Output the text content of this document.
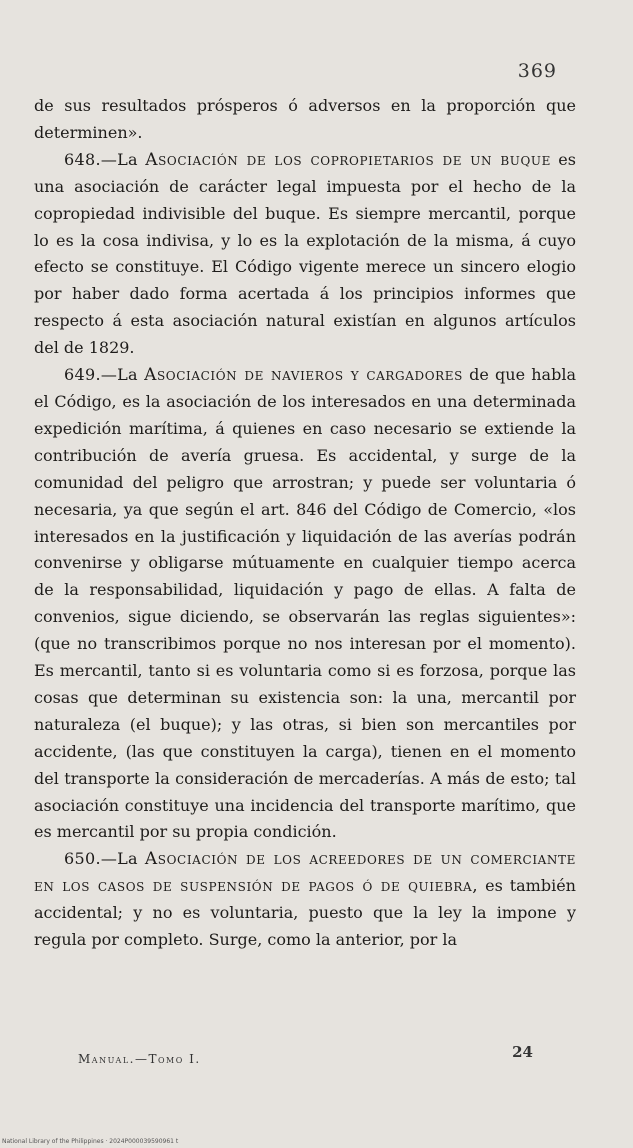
369

de sus resultados prósperos ó adversos en la proporción que determinen».

648.—La Asociación de los copropietarios de un buque es una asociación de carácter legal impuesta por el hecho de la copropiedad indivisible del buque. Es siempre mercantil, porque lo es la cosa indivisa, y lo es la explotación de la misma, á cuyo efecto se constituye. El Código vigente merece un sincero elogio por haber dado forma acertada á los principios informes que respecto á esta asociación natural existían en algunos artículos del de 1829.

649.—La Asociación de navieros y cargadores de que habla el Código, es la asociación de los interesados en una determinada expedición marítima, á quienes en caso necesario se extiende la contribución de avería gruesa. Es accidental, y surge de la comunidad del peligro que arrostran; y puede ser voluntaria ó necesaria, ya que según el art. 846 del Código de Comercio, «los interesados en la justificación y liquidación de las averías podrán convenirse y obligarse mútuamente en cualquier tiempo acerca de la responsabilidad, liquidación y pago de ellas. A falta de convenios, sigue diciendo, se observarán las reglas siguientes»: (que no transcribimos porque no nos interesan por el momento). Es mercantil, tanto si es voluntaria como si es forzosa, porque las cosas que determinan su existencia son: la una, mercantil por naturaleza (el buque); y las otras, si bien son mercantiles por accidente, (las que constituyen la carga), tienen en el momento del transporte la consideración de mercaderías. A más de esto; tal asociación constituye una incidencia del transporte marítimo, que es mercantil por su propia condición.

650.—La Asociación de los acreedores de un comerciante en los casos de suspensión de pagos ó de quiebra, es también accidental; y no es voluntaria, puesto que la ley la impone y regula por completo. Surge, como la anterior, por la

Manual.—Tomo I.	24
National Library of the Philippines · 2024P000039590961 t
